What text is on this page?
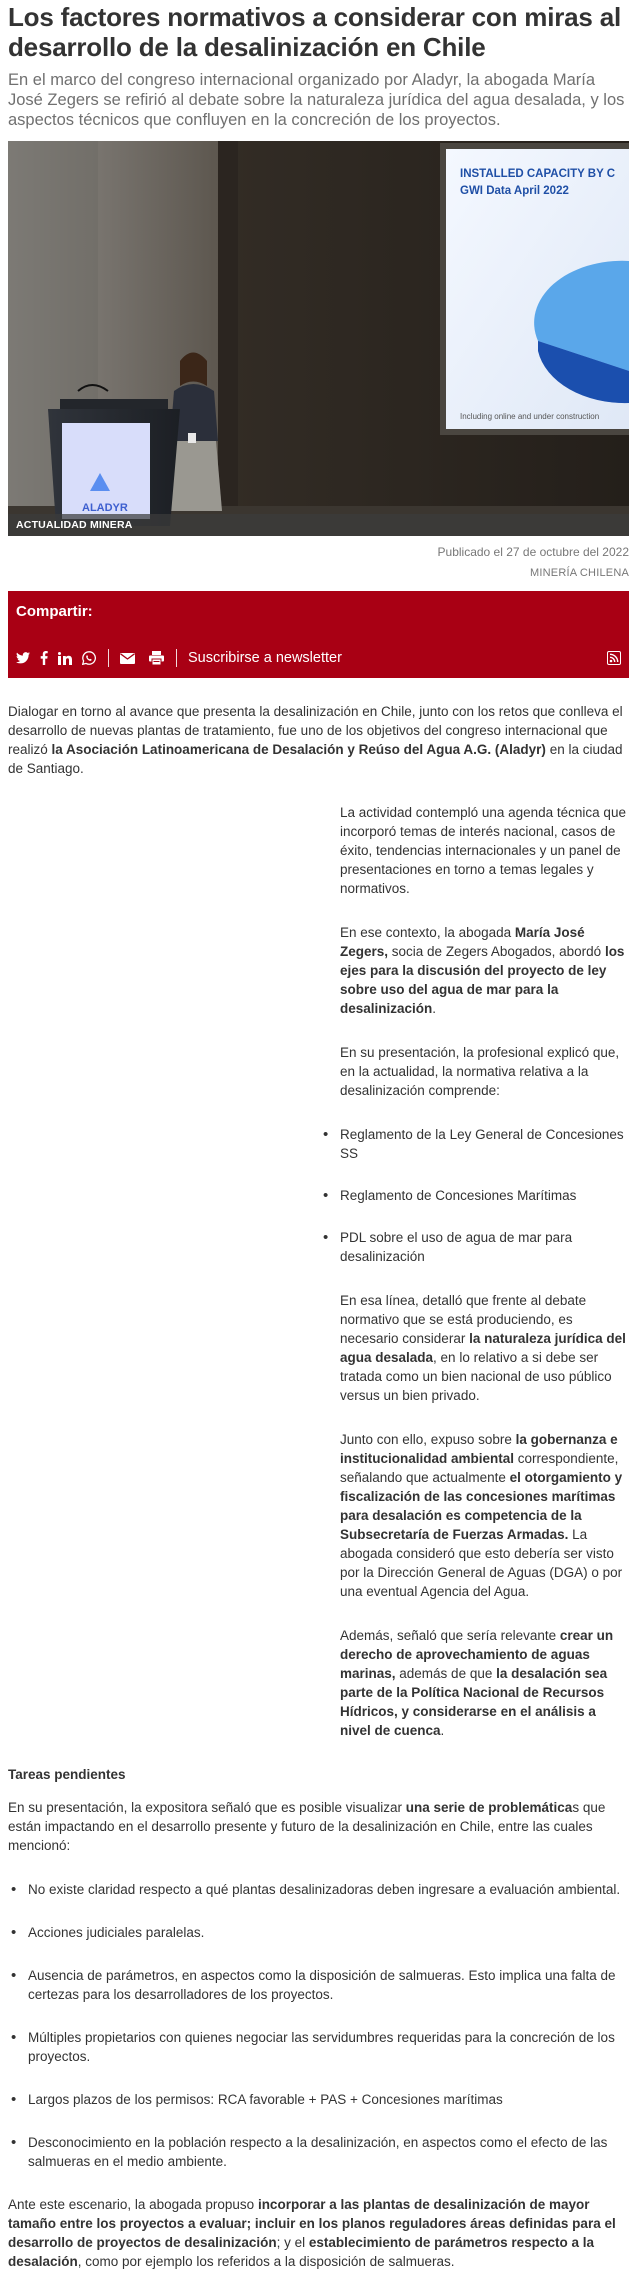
Los factores normativos a considerar con miras al desarrollo de la desalinización en Chile

En el marco del congreso internacional organizado por Aladyr, la abogada María José Zegers se refirió al debate sobre la naturaleza jurídica del agua desalada, y los aspectos técnicos que confluyen en la concreción de los proyectos.

INSTALLED CAPACITY BY C
GWI Data April 2022
Including online and under construction
ALADYR
ACTUALIDAD MINERA
Publicado el 27 de octubre del 2022
MINERÍA CHILENA
Compartir:
Suscribirse a newsletter

Dialogar en torno al avance que presenta la desalinización en Chile, junto con los retos que conlleva el desarrollo de nuevas plantas de tratamiento, fue uno de los objetivos del congreso internacional que realizó la Asociación Latinoamericana de Desalación y Reúso del Agua A.G. (Aladyr) en la ciudad de Santiago.

La actividad contempló una agenda técnica que incorporó temas de interés nacional, casos de éxito, tendencias internacionales y un panel de presentaciones en torno a temas legales y normativos.

En ese contexto, la abogada María José Zegers, socia de Zegers Abogados, abordó los ejes para la discusión del proyecto de ley sobre uso del agua de mar para la desalinización.

En su presentación, la profesional explicó que, en la actualidad, la normativa relativa a la desalinización comprende:

• Reglamento de la Ley General de Concesiones SS
• Reglamento de Concesiones Marítimas
• PDL sobre el uso de agua de mar para desalinización

En esa línea, detalló que frente al debate normativo que se está produciendo, es necesario considerar la naturaleza jurídica del agua desalada, en lo relativo a si debe ser tratada como un bien nacional de uso público versus un bien privado.

Junto con ello, expuso sobre la gobernanza e institucionalidad ambiental correspondiente, señalando que actualmente el otorgamiento y fiscalización de las concesiones marítimas para desalación es competencia de la Subsecretaría de Fuerzas Armadas. La abogada consideró que esto debería ser visto por la Dirección General de Aguas (DGA) o por una eventual Agencia del Agua.

Además, señaló que sería relevante crear un derecho de aprovechamiento de aguas marinas, además de que la desalación sea parte de la Política Nacional de Recursos Hídricos, y considerarse en el análisis a nivel de cuenca.

Tareas pendientes

En su presentación, la expositora señaló que es posible visualizar una serie de problemáticas que están impactando en el desarrollo presente y futuro de la desalinización en Chile, entre las cuales mencionó:

• No existe claridad respecto a qué plantas desalinizadoras deben ingresare a evaluación ambiental.
• Acciones judiciales paralelas.
• Ausencia de parámetros, en aspectos como la disposición de salmueras. Esto implica una falta de certezas para los desarrolladores de los proyectos.
• Múltiples propietarios con quienes negociar las servidumbres requeridas para la concreción de los proyectos.
• Largos plazos de los permisos: RCA favorable + PAS + Concesiones marítimas
• Desconocimiento en la población respecto a la desalinización, en aspectos como el efecto de las salmueras en el medio ambiente.

Ante este escenario, la abogada propuso incorporar a las plantas de desalinización de mayor tamaño entre los proyectos a evaluar; incluir en los planos reguladores áreas definidas para el desarrollo de proyectos de desalinización; y el establecimiento de parámetros respecto a la desalación, como por ejemplo los referidos a la disposición de salmueras.
